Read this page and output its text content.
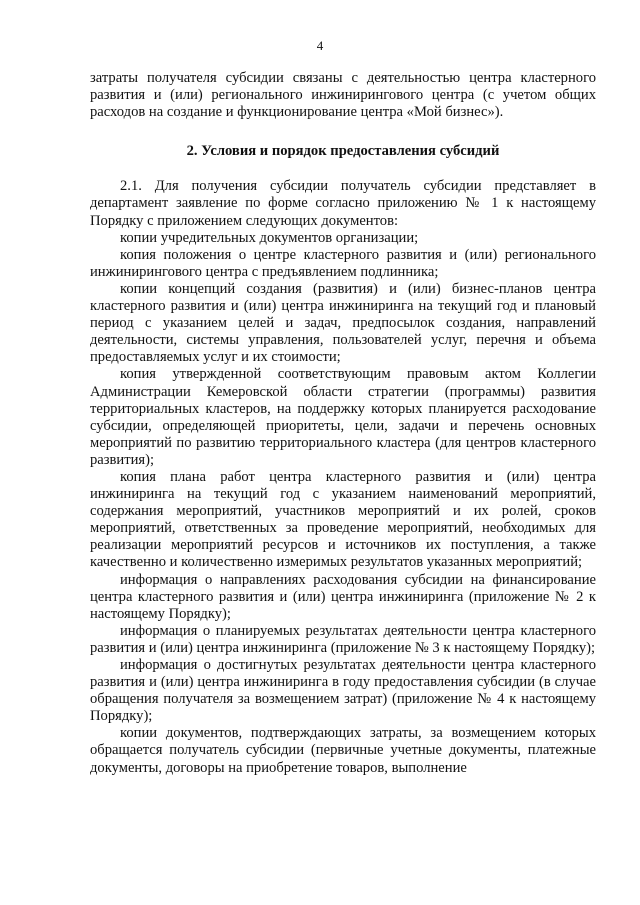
4

затраты получателя субсидии связаны с деятельностью центра кластерного развития и (или) регионального инжинирингового центра (с учетом общих расходов на создание и функционирование центра «Мой бизнес»).

2. Условия и порядок предоставления субсидий

2.1. Для получения субсидии получатель субсидии представляет в департамент заявление по форме согласно приложению № 1 к настоящему Порядку с приложением следующих документов:

копии учредительных документов организации;

копия положения о центре кластерного развития и (или) регионального инжинирингового центра с предъявлением подлинника;

копии концепций создания (развития) и (или) бизнес-планов центра кластерного развития и (или) центра инжиниринга на текущий год и плановый период с указанием целей и задач, предпосылок создания, направлений деятельности, системы управления, пользователей услуг, перечня и объема предоставляемых услуг и их стоимости;

копия утвержденной соответствующим правовым актом Коллегии Администрации Кемеровской области стратегии (программы) развития территориальных кластеров, на поддержку которых планируется расходование субсидии, определяющей приоритеты, цели, задачи и перечень основных мероприятий по развитию территориального кластера (для центров кластерного развития);

копия плана работ центра кластерного развития и (или) центра инжиниринга на текущий год с указанием наименований мероприятий, содержания мероприятий, участников мероприятий и их ролей, сроков мероприятий, ответственных за проведение мероприятий, необходимых для реализации мероприятий ресурсов и источников их поступления, а также качественно и количественно измеримых результатов указанных мероприятий;

информация о направлениях расходования субсидии на финансирование центра кластерного развития и (или) центра инжиниринга (приложение № 2 к настоящему Порядку);

информация о планируемых результатах деятельности центра кластерного развития и (или) центра инжиниринга (приложение № 3 к настоящему Порядку);

информация о достигнутых результатах деятельности центра кластерного развития и (или) центра инжиниринга в году предоставления субсидии (в случае обращения получателя за возмещением затрат) (приложение № 4 к настоящему Порядку);

копии документов, подтверждающих затраты, за возмещением которых обращается получатель субсидии (первичные учетные документы, платежные документы, договоры на приобретение товаров, выполнение
